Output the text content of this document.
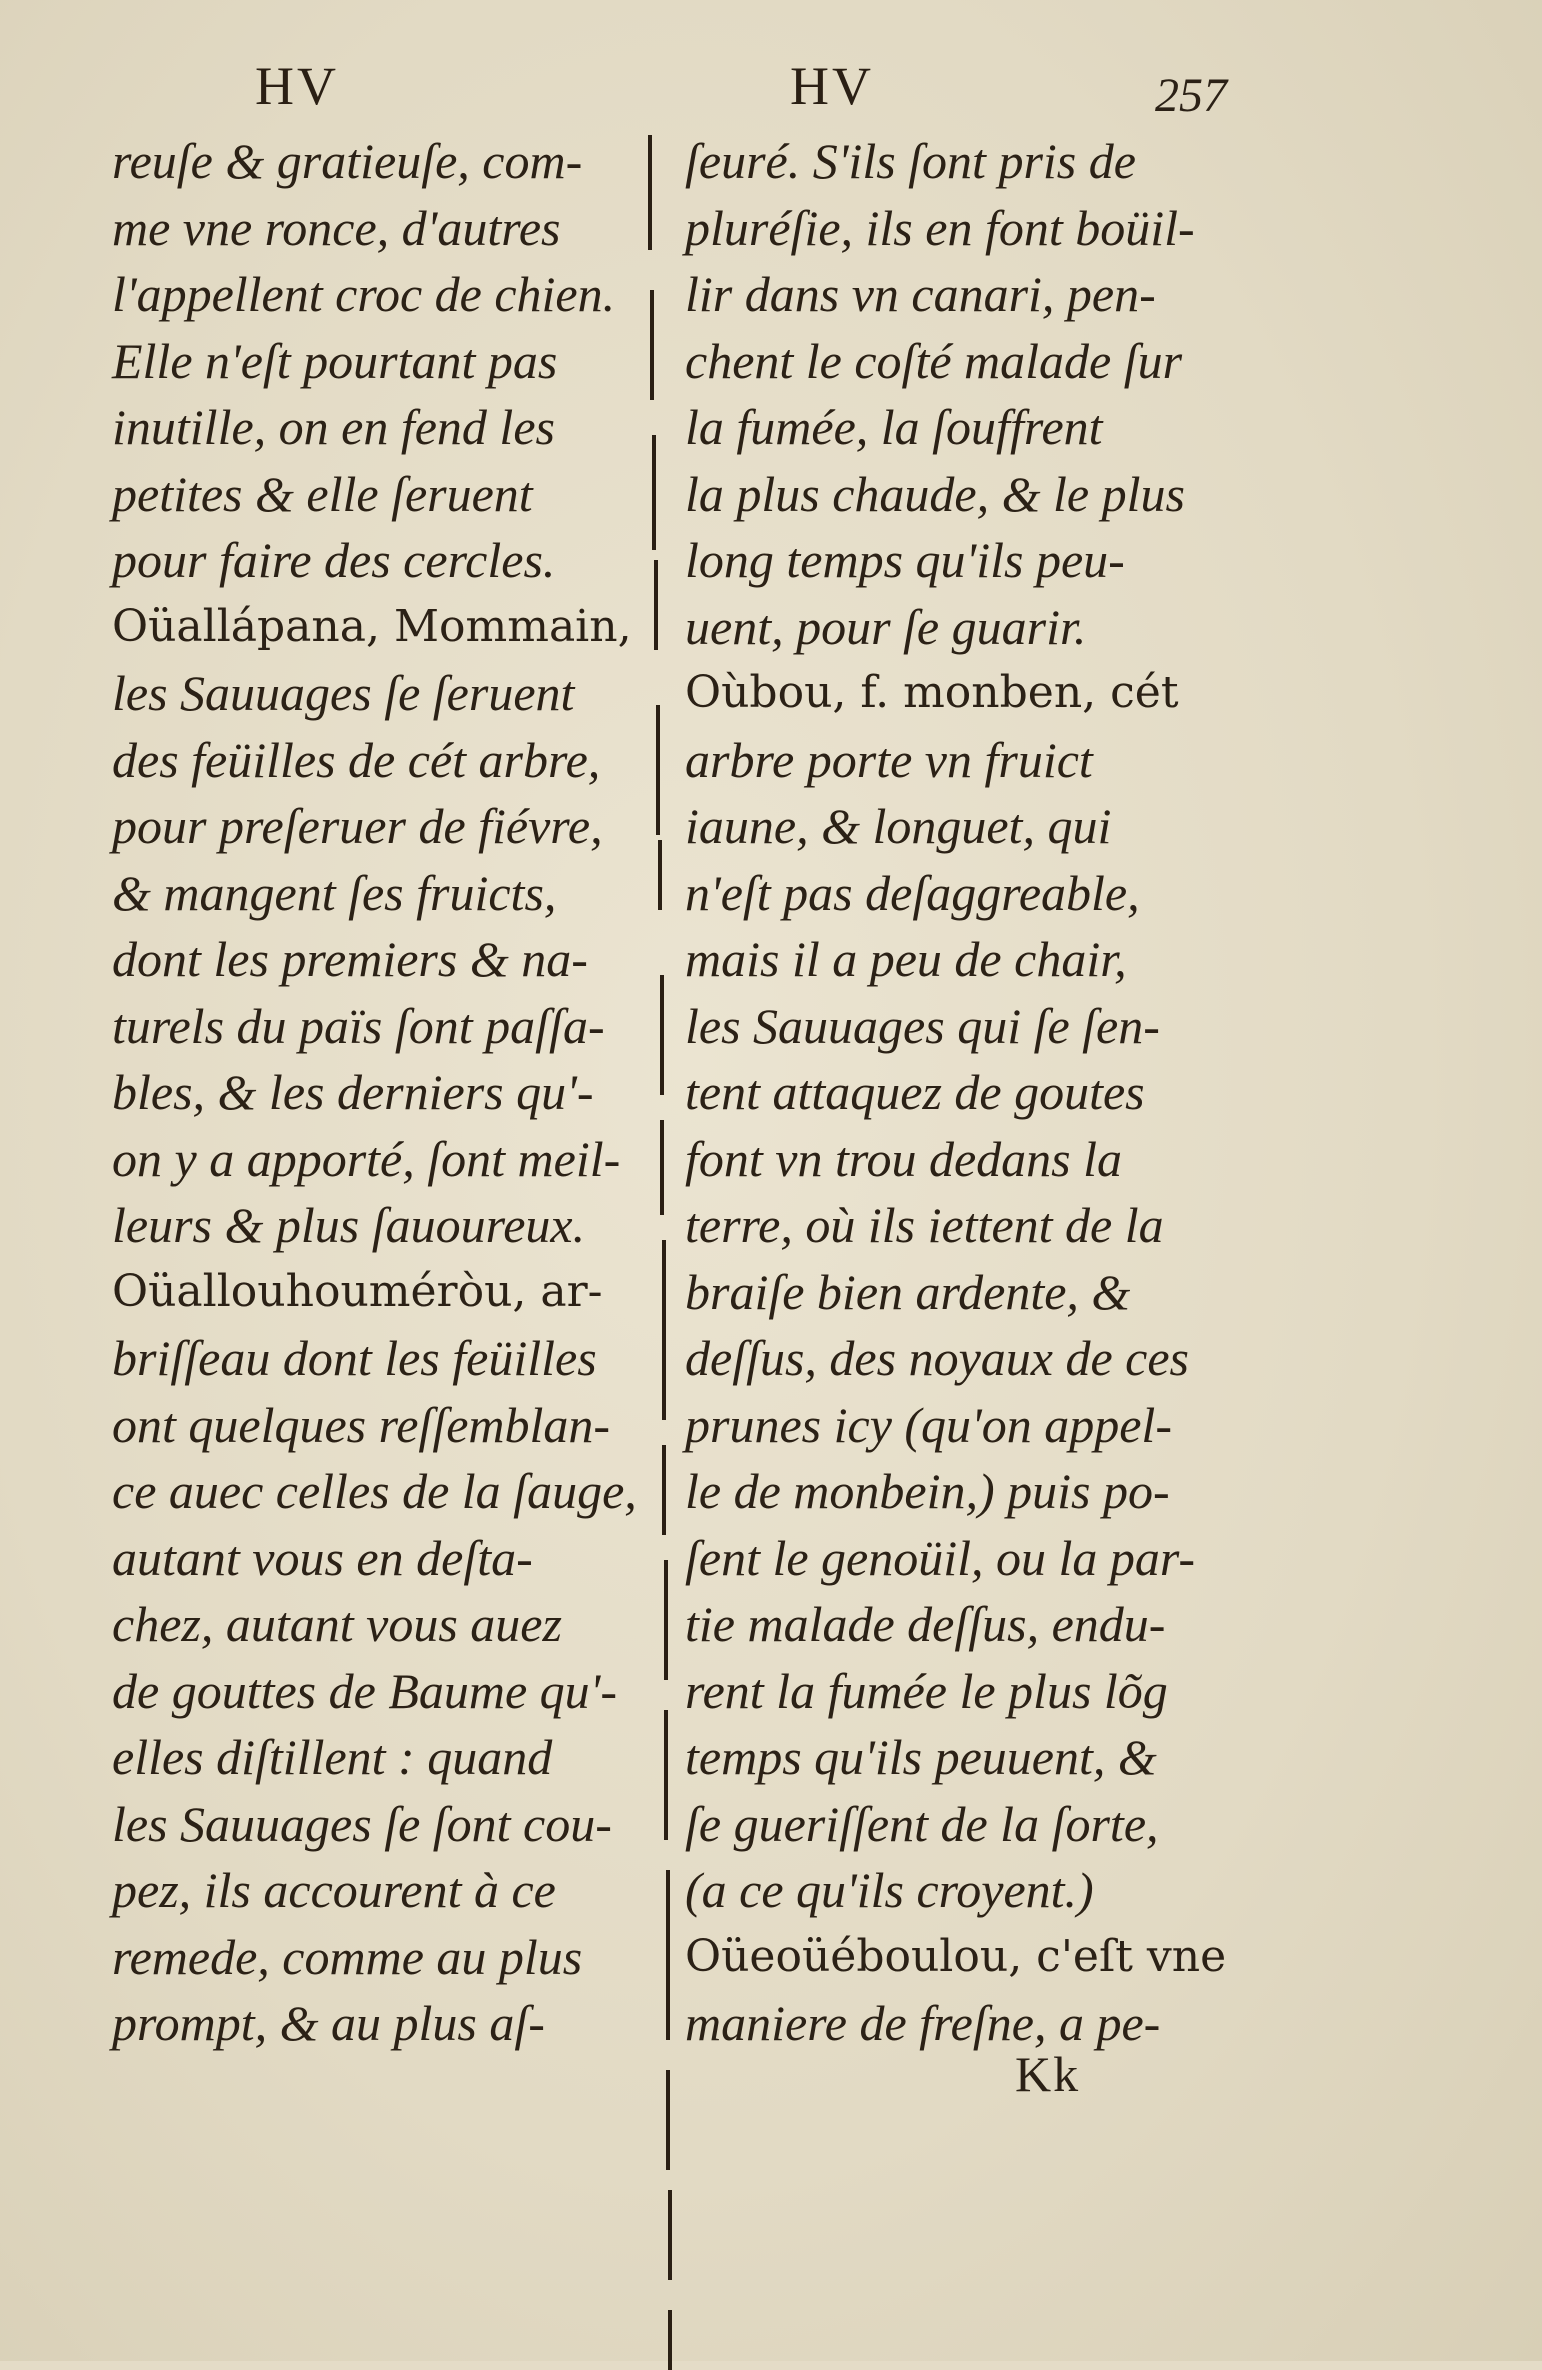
HV	HV	257
reuſe & gratieuſe, com-
me vne ronce, d'autres
l'appellent croc de chien.
Elle n'eſt pourtant pas
inutille, on en fend les
petites & elle ſeruent
pour faire des cercles.
Oüallápana, Mommain,
les Sauuages ſe ſeruent
des feüilles de cét arbre,
pour preſeruer de fiévre,
& mangent ſes fruicts,
dont les premiers & na-
turels du païs ſont paſſa-
bles, & les derniers qu'-
on y a apporté, ſont meil-
leurs & plus ſauoureux.
Oüallouhouméròu, ar-
briſſeau dont les feüilles
ont quelques reſſemblan-
ce auec celles de la ſauge,
autant vous en deſta-
chez, autant vous auez
de gouttes de Baume qu'-
elles diſtillent : quand
les Sauuages ſe ſont cou-
pez, ils accourent à ce
remede, comme au plus
prompt, & au plus aſ-
ſeuré. S'ils ſont pris de
pluréſie, ils en font boüil-
lir dans vn canari, pen-
chent le coſté malade ſur
la fumée, la ſouffrent
la plus chaude, & le plus
long temps qu'ils peu-
uent, pour ſe guarir.
Oùbou, f. monben, cét
arbre porte vn fruict
iaune, & longuet, qui
n'eſt pas deſaggreable,
mais il a peu de chair,
les Sauuages qui ſe ſen-
tent attaquez de goutes
font vn trou dedans la
terre, où ils iettent de la
braiſe bien ardente, &
deſſus, des noyaux de ces
prunes icy (qu'on appel-
le de monbein,) puis po-
ſent le genoüil, ou la par-
tie malade deſſus, endu-
rent la fumée le plus lõg
temps qu'ils peuuent, &
ſe gueriſſent de la ſorte,
(a ce qu'ils croyent.)
Oüeoüéboulou, c'eſt vne
maniere de freſne, a pe-
Kk
